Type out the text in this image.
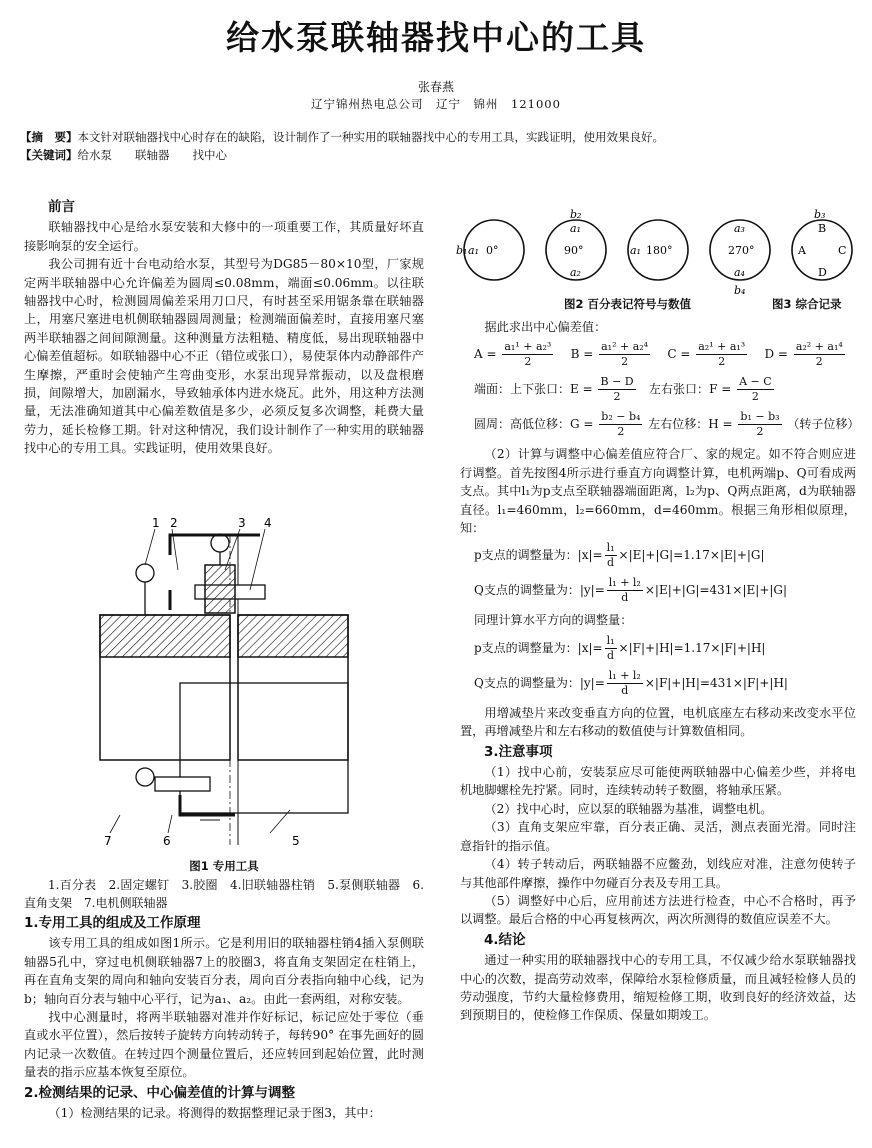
给水泵联轴器找中心的工具
张春燕
辽宁锦州热电总公司　辽宁　锦州　121000
【摘　要】本文针对联轴器找中心时存在的缺陷，设计制作了一种实用的联轴器找中心的专用工具，实践证明，使用效果良好。
【关键词】给水泵　　联轴器　　找中心
前言

联轴器找中心是给水泵安装和大修中的一项重要工作，其质量好坏直接影响泵的安全运行。

我公司拥有近十台电动给水泵，其型号为DG85－80×10型，厂家规定两半联轴器中心允许偏差为圆周≤0.08mm，端面≤0.06mm。以往联轴器找中心时，检测圆周偏差采用刀口尺，有时甚至采用锯条靠在联轴器上，用塞尺塞进电机侧联轴器圆周测量；检测端面偏差时，直接用塞尺塞两半联轴器之间间隙测量。这种测量方法粗糙、精度低，易出现联轴器中心偏差值超标。如联轴器中心不正（错位或张口），易使泵体内动静部件产生摩擦，严重时会使轴产生弯曲变形，水泵出现异常振动，以及盘根磨损，间隙增大，加剧漏水，导致轴承体内进水烧瓦。此外，用这种方法测量，无法准确知道其中心偏差数值是多少，必须反复多次调整，耗费大量劳力，延长检修工期。针对这种情况，我们设计制作了一种实用的联轴器找中心的专用工具。实践证明，使用效果良好。

1 2	3 4
5
6
7
图1 专用工具

1.百分表　2.固定螺钉　3.胶圈　4.旧联轴器柱销　5.泵侧联轴器　6.直角支架　7.电机侧联轴器

1.专用工具的组成及工作原理

该专用工具的组成如图1所示。它是利用旧的联轴器柱销4插入泵侧联轴器5孔中，穿过电机侧联轴器7上的胶圈3，将直角支架固定在柱销上，再在直角支架的周向和轴向安装百分表，周向百分表指向轴中心线，记为b；轴向百分表与轴中心平行，记为a₁、a₂。由此一套两组，对称安装。

找中心测量时，将两半联轴器对准并作好标记，标记应处于零位（垂直或水平位置），然后按转子旋转方向转动转子，每转90° 在事先画好的圆内记录一次数值。在转过四个测量位置后，还应转回到起始位置，此时测量表的指示应基本恢复至原位。

2.检测结果的记录、中心偏差值的计算与调整

（1）检测结果的记录。将测得的数据整理记录于图3，其中：

0°	90°	180°	270°
b₁ a₁
b₂
a₁
a₂
a₁
a₃
a₄
b₄
B
A	C
D
b₃
图2 百分表记符号与数值	图3 综合记录

据此求出中心偏差值：

$A = \frac{\text{a₁¹ + a₂³}}{2}$ $B = \frac{\text{a₁² + a₂⁴}}{2}$ $C = \frac{\text{a₂¹ + a₁³}}{2}$ $D = \frac{\text{a₂² + a₁⁴}}{2}$
端面：上下张口：$E = \frac{B - D}{2}$ 左右张口：$F = \frac{A - C}{2}$
圆周：高低位移：$G = \frac{\text{b₂ − b₄}}{2}$ 左右位移：$H = \frac{\text{b₁ − b₃}}{2}$ （转子位移）

（2）计算与调整中心偏差值应符合厂、家的规定。如不符合则应进行调整。首先按图4所示进行垂直方向调整计算，电机两端p、Q可看成两支点。其中l₁为p支点至联轴器端面距离，l₂为p、Q两点距离，d为联轴器直径。l₁=460mm，l₂=660mm，d=460mm。根据三角形相似原理，知：

p支点的调整量为：$|x|= \frac{\text{l₁}}{d} \times|E|+|G|=1.17\times|E|+|G|$
Q支点的调整量为：$|y|= \frac{\text{l₁ + l₂}}{d} \times|E|+|G|=431\times|E|+|G|$

同理计算水平方向的调整量：

p支点的调整量为：$|x|= \frac{\text{l₁}}{d} \times|F|+|H|=1.17\times|F|+|H|$
Q支点的调整量为：$|y|= \frac{\text{l₁ + l₂}}{d} \times|F|+|H|=431\times|F|+|H|$

用增减垫片来改变垂直方向的位置，电机底座左右移动来改变水平位置，再增减垫片和左右移动的数值使与计算数值相同。

3.注意事项

（1）找中心前，安装泵应尽可能使两联轴器中心偏差少些，并将电机地脚螺栓先拧紧。同时，连续转动转子数圈，将轴承压紧。

（2）找中心时，应以泵的联轴器为基准，调整电机。

（3）直角支架应牢靠，百分表正确、灵活，测点表面光滑。同时注意指针的指示值。

（4）转子转动后，两联轴器不应鳖劲，划线应对准，注意勿使转子与其他部件摩擦，操作中勿碰百分表及专用工具。

（5）调整好中心后，应用前述方法进行检查，中心不合格时，再予以调整。最后合格的中心再复核两次，两次所测得的数值应误差不大。

4.结论

通过一种实用的联轴器找中心的专用工具，不仅减少给水泵联轴器找中心的次数，提高劳动效率，保障给水泵检修质量，而且减轻检修人员的劳动强度，节约大量检修费用，缩短检修工期，收到良好的经济效益，达到预期目的，使检修工作保质、保量如期竣工。
